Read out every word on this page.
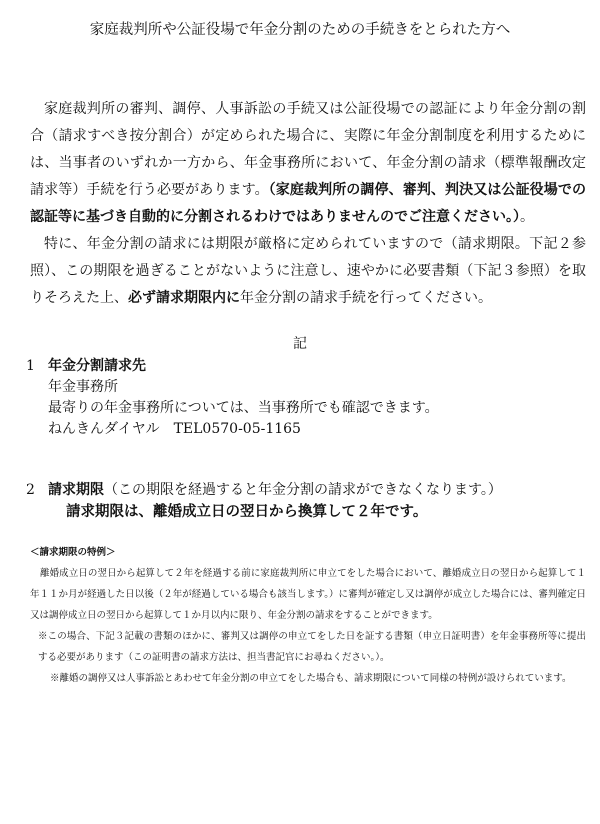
家庭裁判所や公証役場で年金分割のための手続きをとられた方へ

家庭裁判所の審判、調停、人事訴訟の手続又は公証役場での認証により年金分割の割合（請求すべき按分割合）が定められた場合に、実際に年金分割制度を利用するためには、当事者のいずれか一方から、年金事務所において、年金分割の請求（標準報酬改定請求等）手続を行う必要があります。（家庭裁判所の調停、審判、判決又は公証役場での認証等に基づき自動的に分割されるわけではありませんのでご注意ください。）。

特に、年金分割の請求には期限が厳格に定められていますので（請求期限。下記２参照）、この期限を過ぎることがないように注意し、速やかに必要書類（下記３参照）を取りそろえた上、必ず請求期限内に年金分割の請求手続を行ってください。

記
1 年金分割請求先
年金事務所
最寄りの年金事務所については、当事務所でも確認できます。
ねんきんダイヤル　TEL0570-05-1165
2 請求期限（この期限を経過すると年金分割の請求ができなくなります。）
請求期限は、離婚成立日の翌日から換算して２年です。
＜請求期限の特例＞

離婚成立日の翌日から起算して２年を経過する前に家庭裁判所に申立てをした場合において、離婚成立日の翌日から起算して１年１１か月が経過した日以後（２年が経過している場合も該当します。）に審判が確定し又は調停が成立した場合には、審判確定日又は調停成立日の翌日から起算して１か月以内に限り、年金分割の請求をすることができます。

※この場合、下記３記載の書類のほかに、審判又は調停の申立てをした日を証する書類（申立日証明書）を年金事務所等に提出する必要があります（この証明書の請求方法は、担当書記官にお尋ねください。）。

※離婚の調停又は人事訴訟とあわせて年金分割の申立てをした場合も、請求期限について同様の特例が設けられています。
